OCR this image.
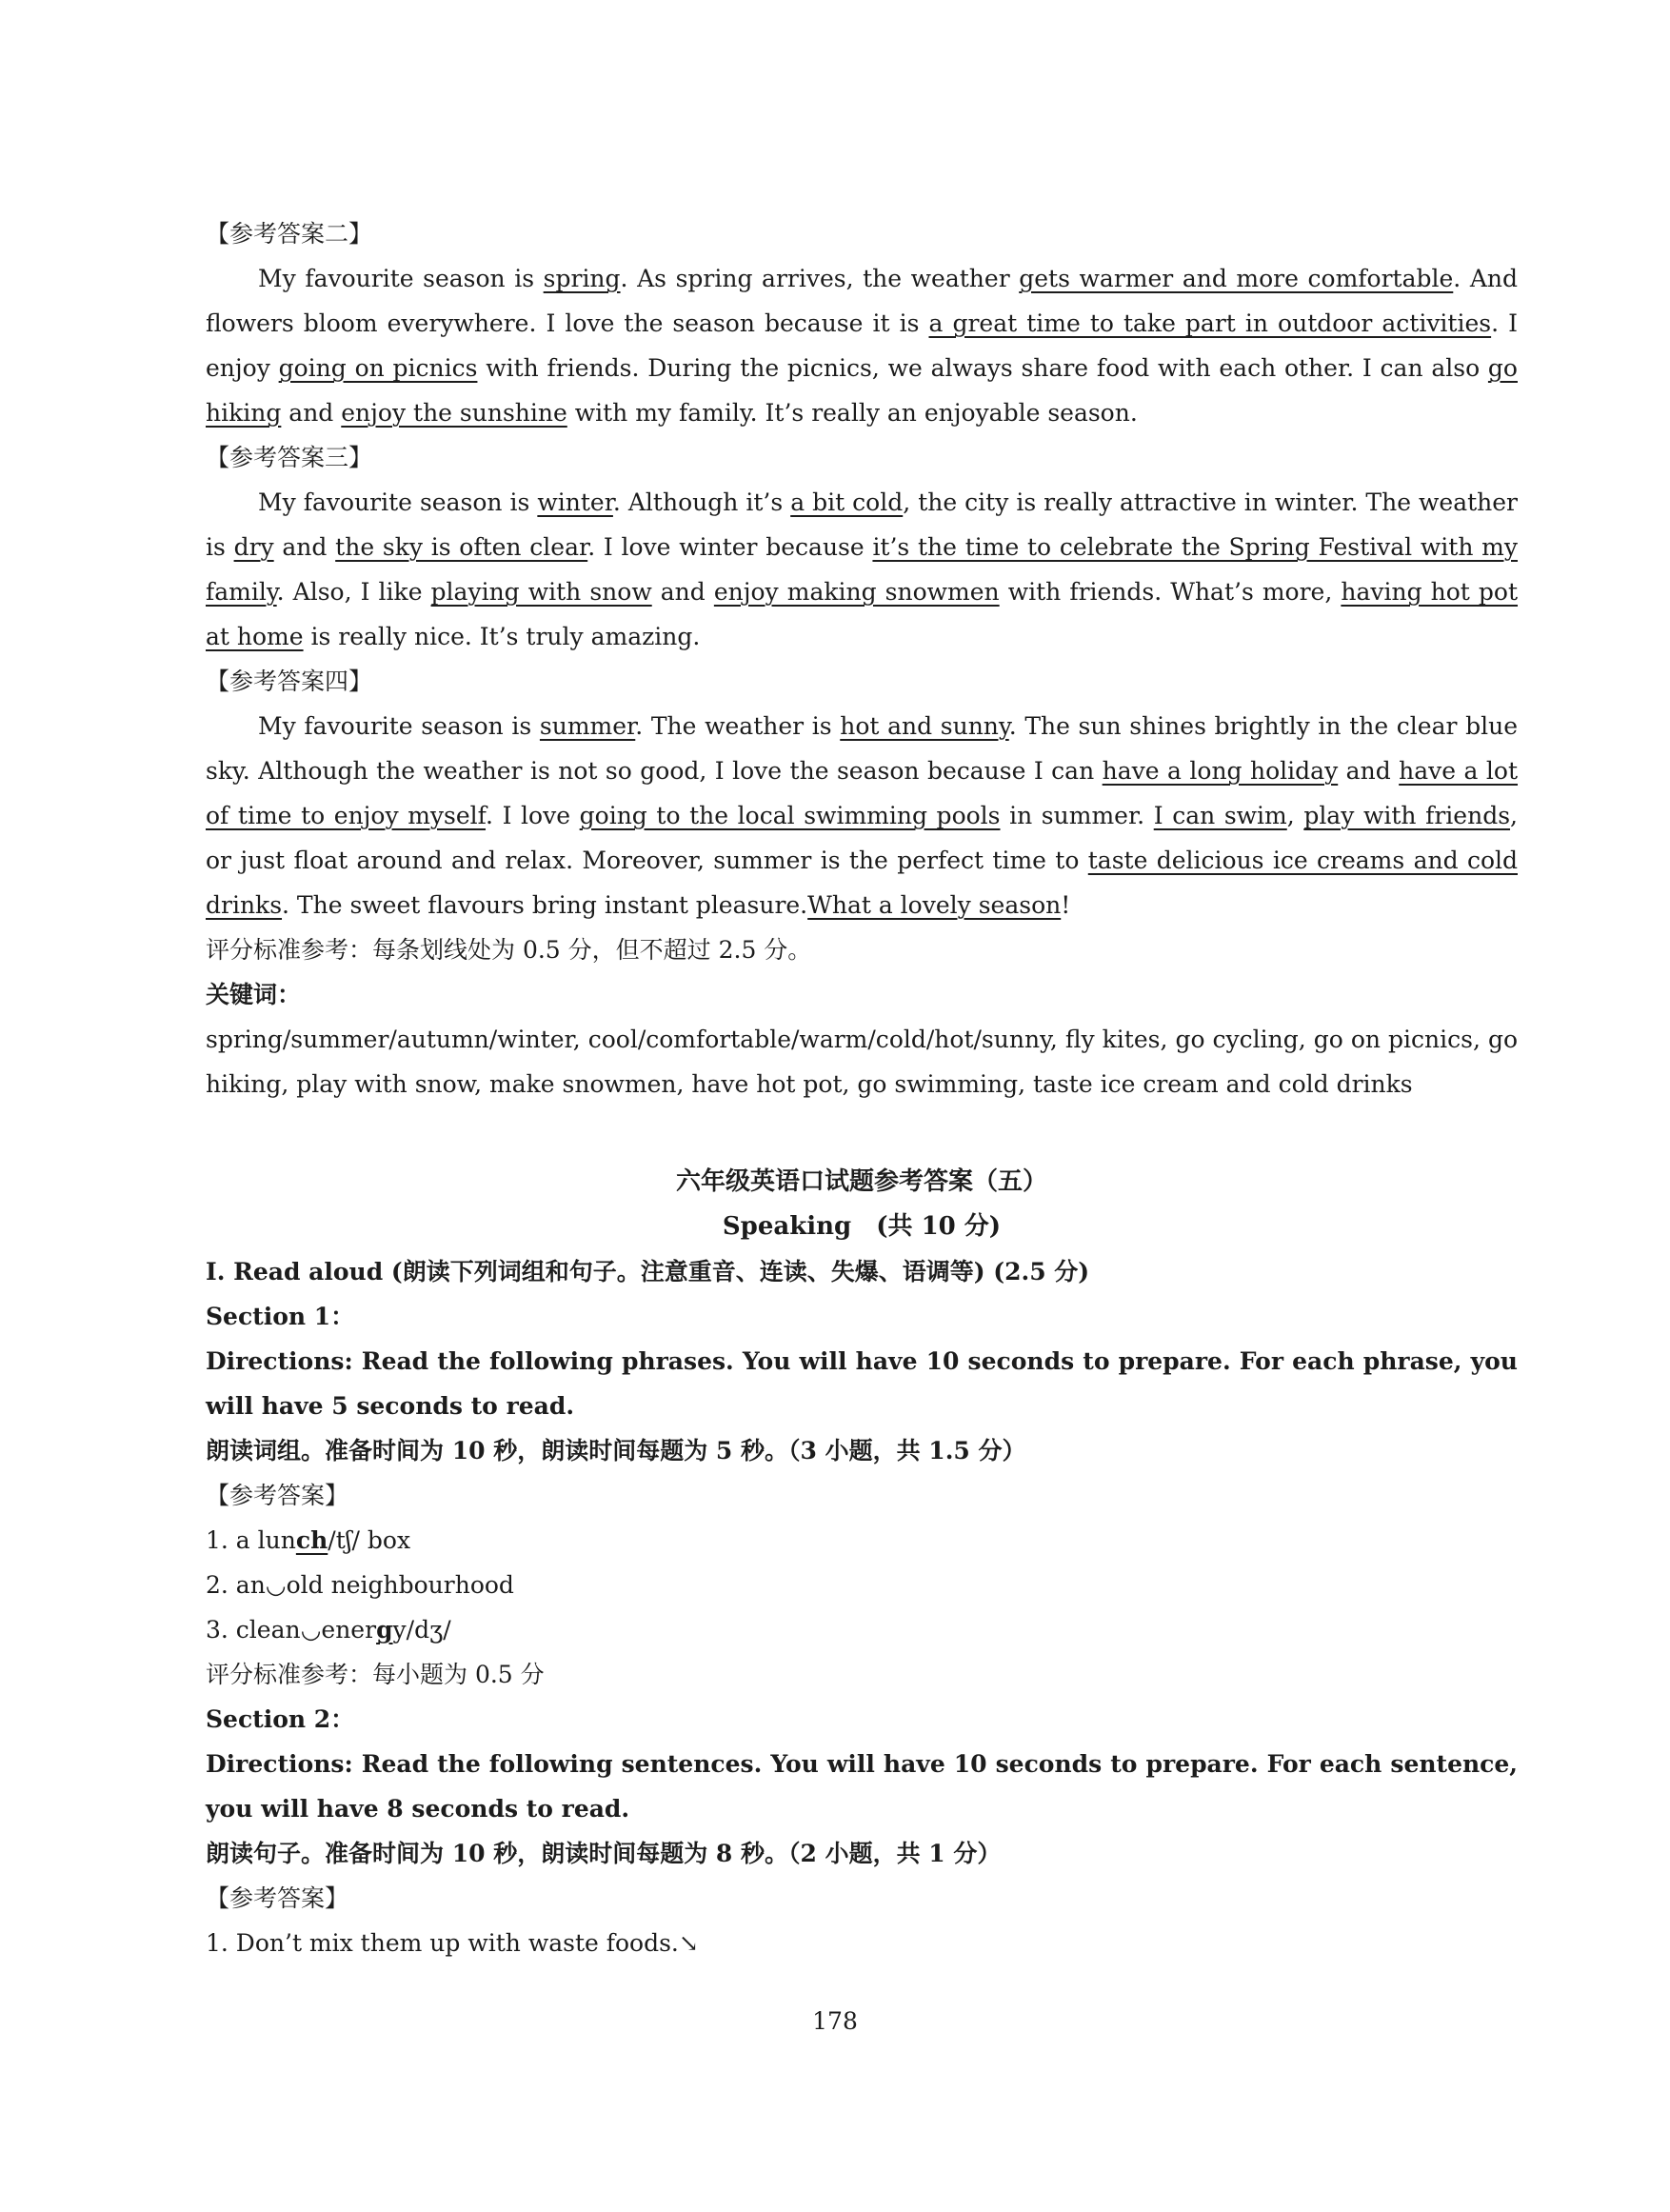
【参考答案二】

My favourite season is spring. As spring arrives, the weather gets warmer and more comfortable. And flowers bloom everywhere. I love the season because it is a great time to take part in outdoor activities. I enjoy going on picnics with friends. During the picnics, we always share food with each other. I can also go hiking and enjoy the sunshine with my family. It’s really an enjoyable season.

【参考答案三】

My favourite season is winter. Although it’s a bit cold, the city is really attractive in winter. The weather is dry and the sky is often clear. I love winter because it’s the time to celebrate the Spring Festival with my family. Also, I like playing with snow and enjoy making snowmen with friends. What’s more, having hot pot at home is really nice. It’s truly amazing.

【参考答案四】

My favourite season is summer. The weather is hot and sunny. The sun shines brightly in the clear blue sky. Although the weather is not so good, I love the season because I can have a long holiday and have a lot of time to enjoy myself. I love going to the local swimming pools in summer. I can swim, play with friends, or just float around and relax. Moreover, summer is the perfect time to taste delicious ice creams and cold drinks. The sweet flavours bring instant pleasure.What a lovely season!

评分标准参考：每条划线处为 0.5 分，但不超过 2.5 分。

关键词：

spring/summer/autumn/winter, cool/comfortable/warm/cold/hot/sunny, fly kites, go cycling, go on picnics, go hiking, play with snow, make snowmen, have hot pot, go swimming, taste ice cream and cold drinks

六年级英语口试题参考答案（五）

Speaking　(共 10 分)

Ⅰ. Read aloud (朗读下列词组和句子。注意重音、连读、失爆、语调等) (2.5 分)

Section 1：

Directions: Read the following phrases. You will have 10 seconds to prepare. For each phrase, you will have 5 seconds to read.

朗读词组。准备时间为 10 秒，朗读时间每题为 5 秒。（3 小题，共 1.5 分）

【参考答案】

1. a lunch/tʃ/ box

2. an◡old neighbourhood

3. clean◡energy/dʒ/

评分标准参考：每小题为 0.5 分

Section 2：

Directions: Read the following sentences. You will have 10 seconds to prepare. For each sentence, you will have 8 seconds to read.

朗读句子。准备时间为 10 秒，朗读时间每题为 8 秒。（2 小题，共 1 分）

【参考答案】

1. Don’t mix them up with waste foods.↘

178
